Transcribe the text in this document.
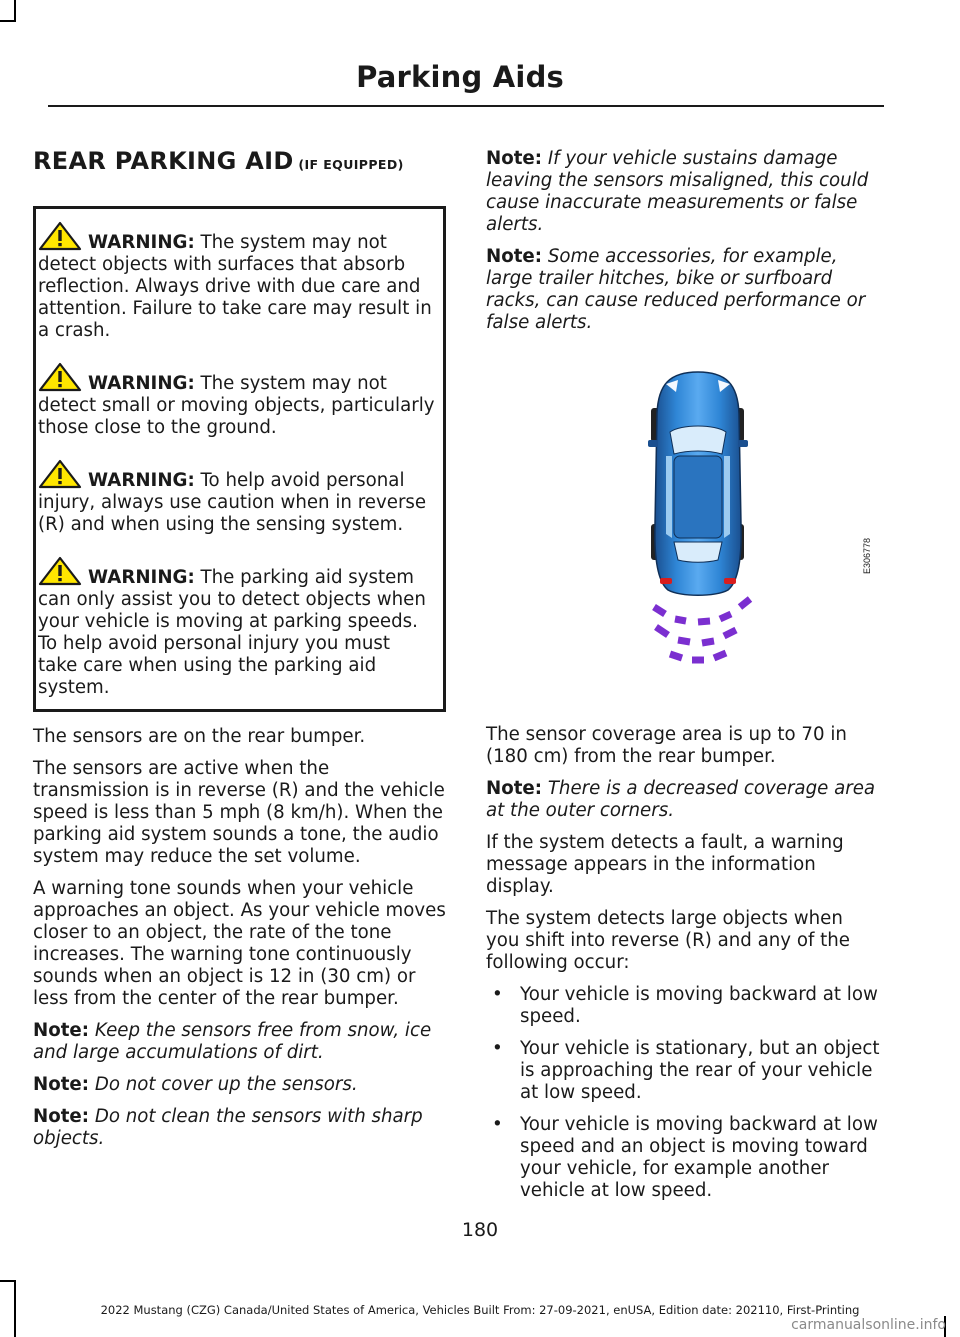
Parking Aids
REAR PARKING AID (IF EQUIPPED)
WARNING: The system may not detect objects with surfaces that absorb reflection. Always drive with due care and attention. Failure to take care may result in a crash.
WARNING: The system may not detect small or moving objects, particularly those close to the ground.
WARNING: To help avoid personal injury, always use caution when in reverse (R) and when using the sensing system.
WARNING: The parking aid system can only assist you to detect objects when your vehicle is moving at parking speeds. To help avoid personal injury you must take care when using the parking aid system.

The sensors are on the rear bumper.

The sensors are active when the transmission is in reverse (R) and the vehicle speed is less than 5 mph (8 km/h). When the parking aid system sounds a tone, the audio system may reduce the set volume.

A warning tone sounds when your vehicle approaches an object. As your vehicle moves closer to an object, the rate of the tone increases. The warning tone continuously sounds when an object is 12 in (30 cm) or less from the center of the rear bumper.

Note: Keep the sensors free from snow, ice and large accumulations of dirt.

Note: Do not cover up the sensors.

Note: Do not clean the sensors with sharp objects.

Note: If your vehicle sustains damage leaving the sensors misaligned, this could cause inaccurate measurements or false alerts.

Note: Some accessories, for example, large trailer hitches, bike or surfboard racks, can cause reduced performance or false alerts.

E306778

The sensor coverage area is up to 70 in (180 cm) from the rear bumper.

Note: There is a decreased coverage area at the outer corners.

If the system detects a fault, a warning message appears in the information display.

The system detects large objects when you shift into reverse (R) and any of the following occur:

• Your vehicle is moving backward at low speed.
• Your vehicle is stationary, but an object is approaching the rear of your vehicle at low speed.
• Your vehicle is moving backward at low speed and an object is moving toward your vehicle, for example another vehicle at low speed.
180
2022 Mustang (CZG) Canada/United States of America, Vehicles Built From: 27-09-2021, enUSA, Edition date: 202110, First-Printing
carmanualsonline.info
